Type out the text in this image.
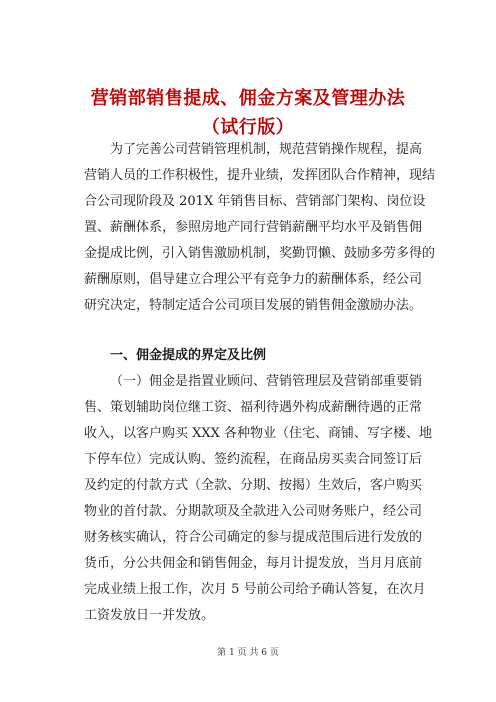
营销部销售提成、佣金方案及管理办法
（试行版）
为了完善公司营销管理机制，规范营销操作规程，提高
营销人员的工作积极性，提升业绩，发挥团队合作精神，现结
合公司现阶段及 201X 年销售目标、营销部门架构、岗位设
置、薪酬体系，参照房地产同行营销薪酬平均水平及销售佣
金提成比例，引入销售激励机制，奖勤罚懒、鼓励多劳多得的
薪酬原则，倡导建立合理公平有竞争力的薪酬体系，经公司
研究决定，特制定适合公司项目发展的销售佣金激励办法。
一、佣金提成的界定及比例
（一）佣金是指置业顾问、营销管理层及营销部重要销
售、策划辅助岗位继工资、福利待遇外构成薪酬待遇的正常
收入，以客户购买 XXX 各种物业（住宅、商铺、写字楼、地
下停车位）完成认购、签约流程，在商品房买卖合同签订后
及约定的付款方式（全款、分期、按揭）生效后，客户购买
物业的首付款、分期款项及全款进入公司财务账户，经公司
财务核实确认，符合公司确定的参与提成范围后进行发放的
货币，分公共佣金和销售佣金，每月计提发放，当月月底前
完成业绩上报工作，次月 5 号前公司给予确认答复，在次月
工资发放日一并发放。
第 1 页 共 6 页
